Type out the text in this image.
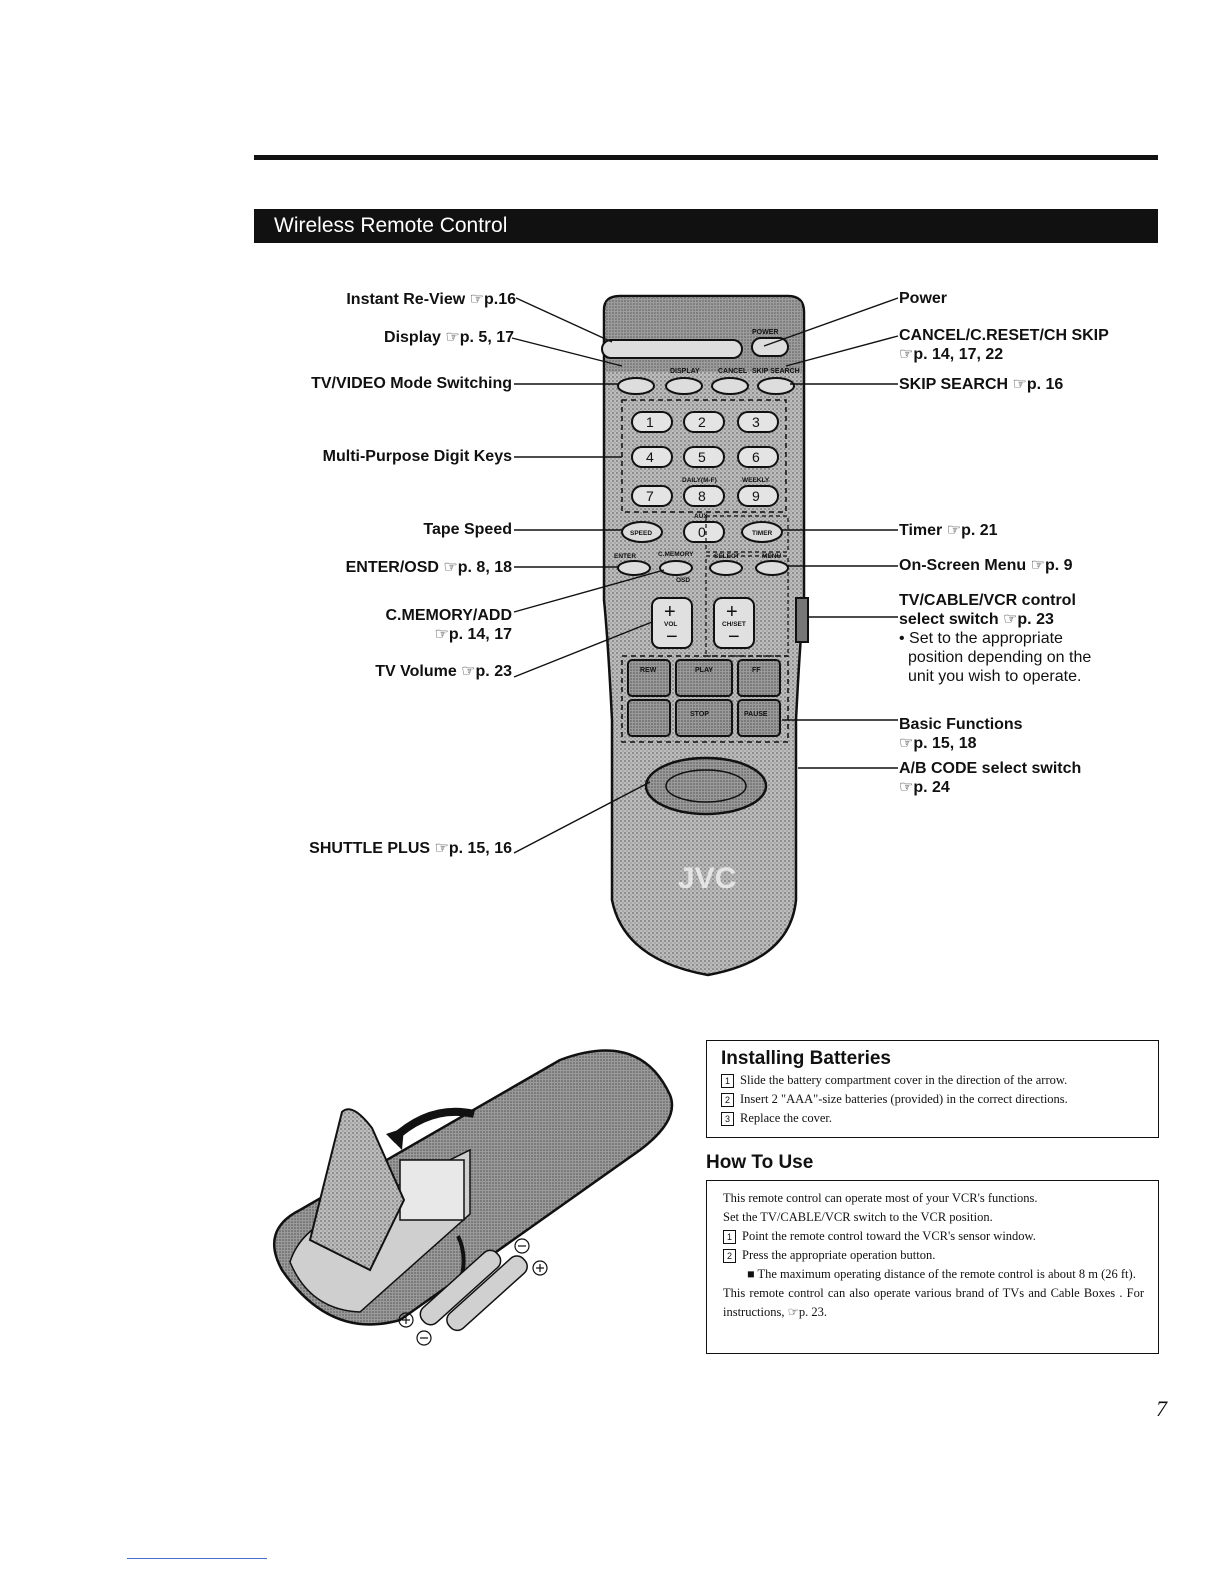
Wireless Remote Control
POWER
DISPLAY	CANCEL SKIP SEARCH
1	2	3
4	5	6
7	8	9
0
DAILY(M-F)	WEEKLY
AUX
SPEED	TIMER
ENTER	C.MEMORY	SELECT	MENU
OSD
+
−
+
−
VOL	CH/SET
REW	PLAY	FF
STOP	PAUSE
JVC
Instant Re-View ☞ p.16
Display ☞ p. 5, 17
TV/VIDEO Mode Switching
Multi-Purpose Digit Keys
Tape Speed
ENTER/OSD ☞ p. 8, 18
C.MEMORY/ADD
☞ p. 14, 17
TV Volume ☞ p. 23
SHUTTLE PLUS ☞ p. 15, 16
Power
CANCEL/C.RESET/CH SKIP
☞ p. 14, 17, 22
SKIP SEARCH ☞ p. 16
Timer ☞ p. 21
On-Screen Menu ☞ p. 9
TV/CABLE/VCR control
select switch ☞ p. 23
• Set to the appropriate
position depending on the
unit you wish to operate.
Basic Functions
☞ p. 15, 18
A/B CODE select switch
☞ p. 24
Installing Batteries

1 Slide the battery compartment cover in the direction of the arrow.

2 Insert 2 "AAA"-size batteries (provided) in the correct directions.

3 Replace the cover.

How To Use

This remote control can operate most of your VCR's functions.

Set the TV/CABLE/VCR switch to the VCR position.

1 Point the remote control toward the VCR's sensor window.

2 Press the appropriate operation button.

■ The maximum operating distance of the remote control is about 8 m (26 ft).

This remote control can also operate various brand of TVs and Cable Boxes . For instructions, ☞ p. 23.

7
